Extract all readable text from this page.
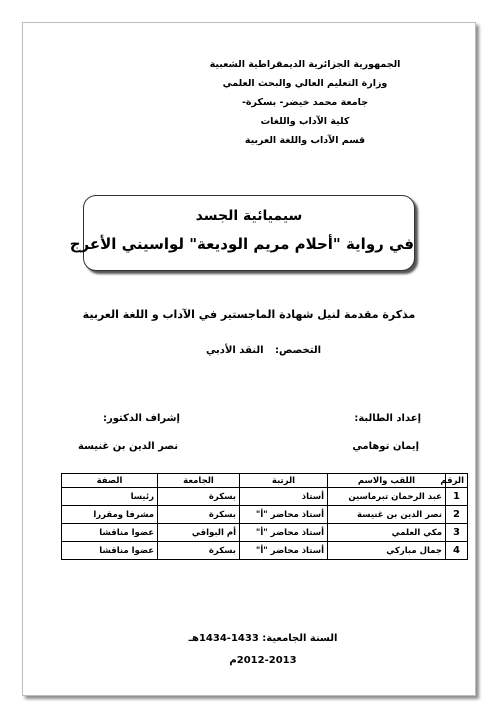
الجمهورية الجزائرية الديمقراطية الشعبية
وزارة التعليم العالي والبحث العلمي
جامعة محمد خيضر- بسكرة-
كلية الآداب واللغات
قسم الآداب واللغة العربية
سيميائية الجسد
في رواية "أحلام مريم الوديعة" لواسيني الأعرج
مذكرة مقدمة لنيل شهادة الماجستير في الآداب و اللغة العربية
التخصص: النقد الأدبي
إعداد الطالبة:
إشراف الدكتور:
إيمان توهامي
نصر الدين بن غنيسة
الرقم	اللقب والاسم	الرتبة	الجامعة	الصفة
1	عبد الرحمان تبرماسين	أستاذ	بسكرة	رئيسا
2	نصر الدين بن غنيسة	أستاذ محاضر "أ"	بسكرة	مشرفا ومقررا
3	مكي العلمي	أستاذ محاضر "أ"	أم البواقي	عضوا مناقشا
4	جمال مباركي	أستاذ محاضر "أ"	بسكرة	عضوا مناقشا
السنة الجامعية: 1433-1434هـ
2012-2013م
